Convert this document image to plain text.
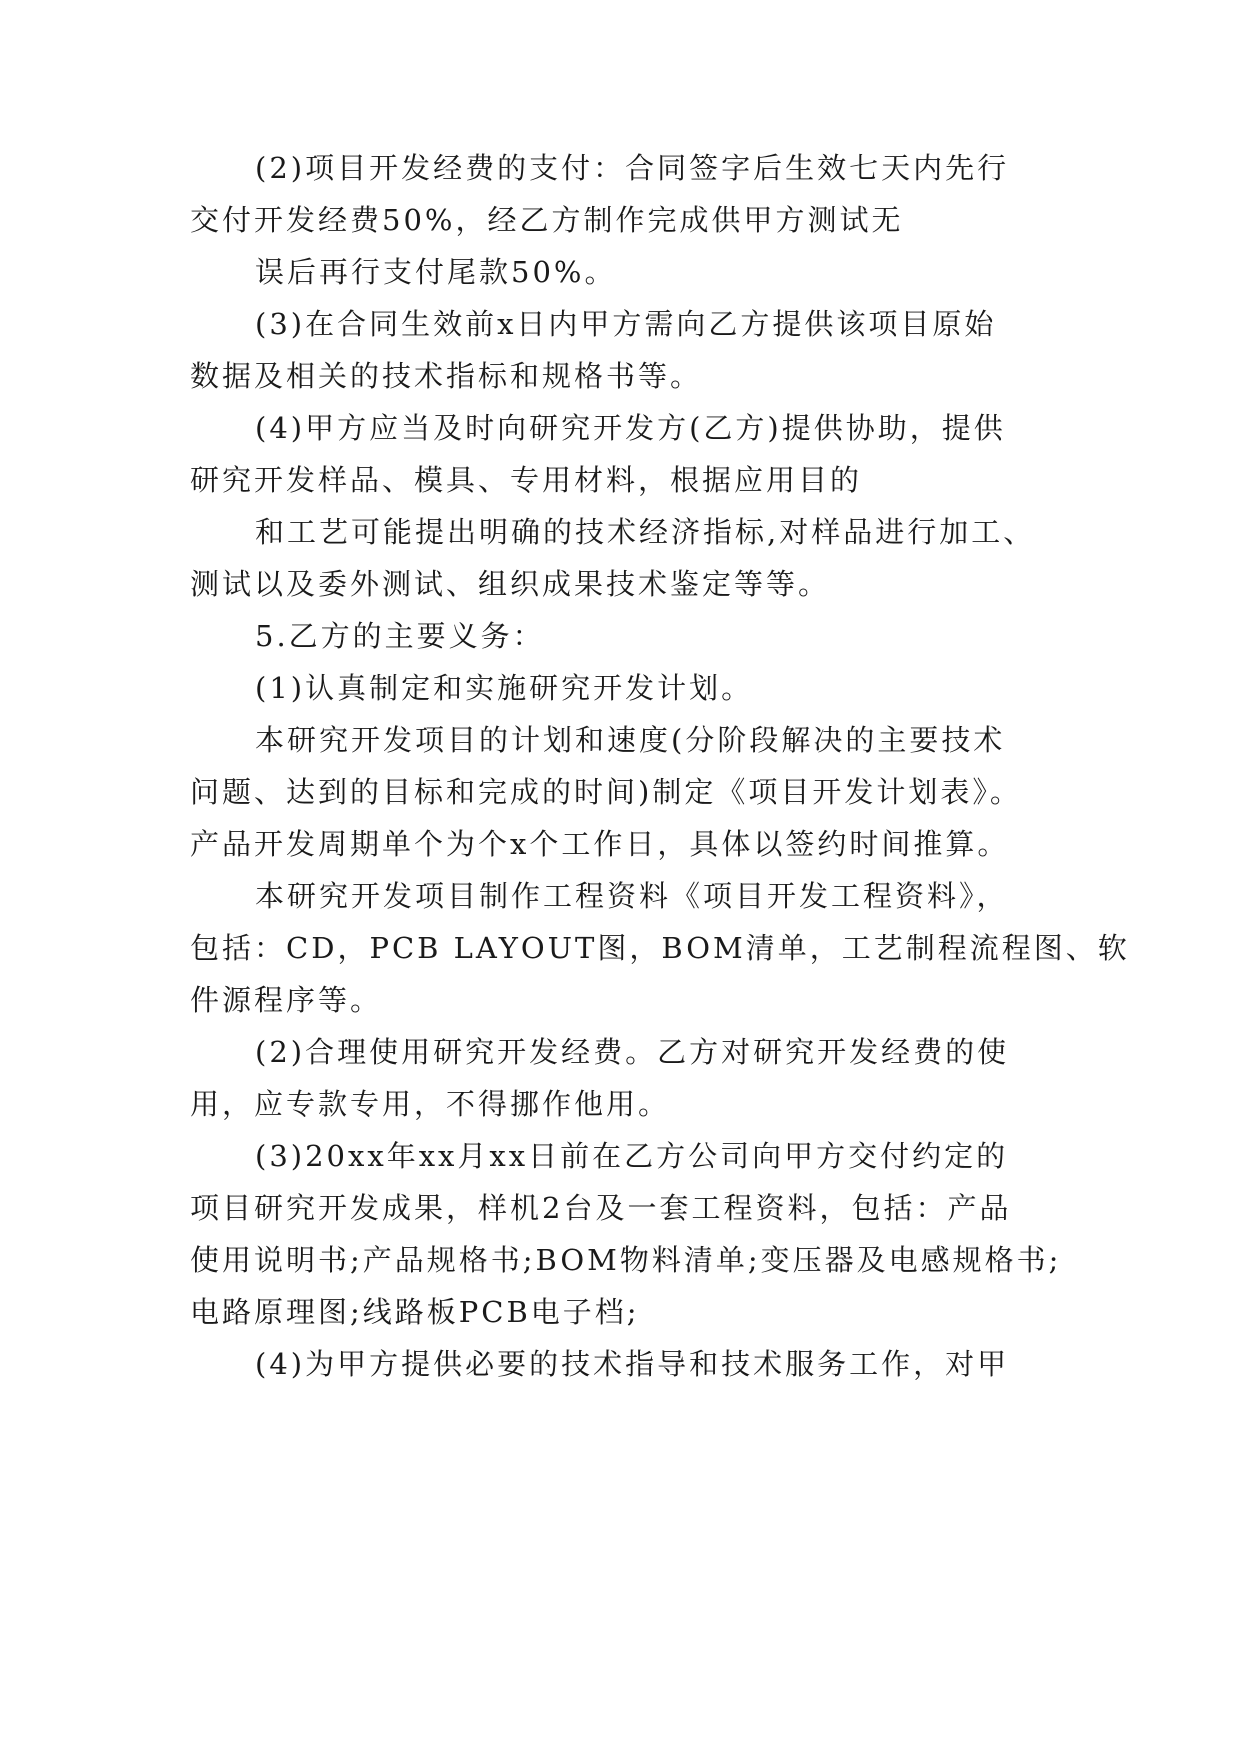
(2)项目开发经费的支付：合同签字后生效七天内先行

交付开发经费50%，经乙方制作完成供甲方测试无

误后再行支付尾款50%。

(3)在合同生效前x日内甲方需向乙方提供该项目原始

数据及相关的技术指标和规格书等。

(4)甲方应当及时向研究开发方(乙方)提供协助，提供

研究开发样品、模具、专用材料，根据应用目的

和工艺可能提出明确的技术经济指标,对样品进行加工、

测试以及委外测试、组织成果技术鉴定等等。

5.乙方的主要义务：

(1)认真制定和实施研究开发计划。

本研究开发项目的计划和速度(分阶段解决的主要技术

问题、达到的目标和完成的时间)制定《项目开发计划表》。

产品开发周期单个为个x个工作日，具体以签约时间推算。

本研究开发项目制作工程资料《项目开发工程资料》，

包括：CD，PCB LAYOUT图，BOM清单，工艺制程流程图、软

件源程序等。

(2)合理使用研究开发经费。乙方对研究开发经费的使

用，应专款专用，不得挪作他用。

(3)20xx年xx月xx日前在乙方公司向甲方交付约定的

项目研究开发成果，样机2台及一套工程资料，包括：产品

使用说明书;产品规格书;BOM物料清单;变压器及电感规格书;

电路原理图;线路板PCB电子档;

(4)为甲方提供必要的技术指导和技术服务工作，对甲
